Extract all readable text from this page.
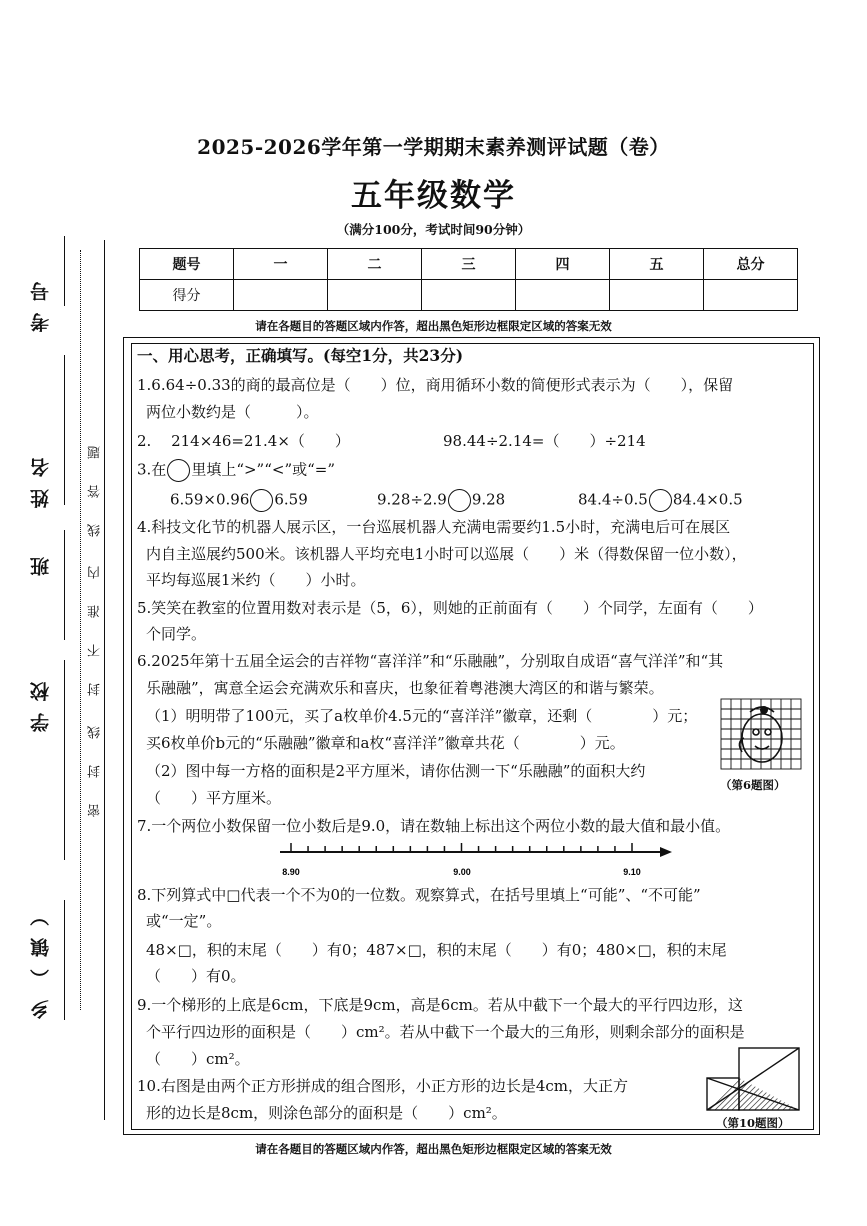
考号
姓名
班
学校
乡（镇）
线答题
封不准内
密封线
2025-2026学年第一学期期末素养测评试题（卷）
五年级数学
（满分100分，考试时间90分钟）
题号	一	二	三	四	五	总分
得分						
请在各题目的答题区域内作答，超出黑色矩形边框限定区域的答案无效
一、用心思考，正确填写。(每空1分，共23分)
1.6.64÷0.33的商的最高位是（　　）位，商用循环小数的简便形式表示为（　　），保留
两位小数约是（　　　）。
2.　 214×46=21.4×（　　）	98.44÷2.14=（　　）÷214
3.在 里填上“>”“<”或“=”
6.59×0.96 6.59	9.28÷2.9 9.28	84.4÷0.5 84.4×0.5
4.科技文化节的机器人展示区，一台巡展机器人充满电需要约1.5小时，充满电后可在展区
内自主巡展约500米。该机器人平均充电1小时可以巡展（　　）米（得数保留一位小数），
平均每巡展1米约（　　）小时。
5.笑笑在教室的位置用数对表示是（5，6），则她的正前面有（　　）个同学，左面有（　　）
个同学。
6.2025年第十五届全运会的吉祥物“喜洋洋”和“乐融融”，分别取自成语“喜气洋洋”和“其
乐融融”，寓意全运会充满欢乐和喜庆，也象征着粤港澳大湾区的和谐与繁荣。
（1）明明带了100元，买了a枚单价4.5元的“喜洋洋”徽章，还剩（　　　　）元；
买6枚单价b元的“乐融融”徽章和a枚“喜洋洋”徽章共花（　　　　）元。
（2）图中每一方格的面积是2平方厘米，请你估测一下“乐融融”的面积大约
（　　）平方厘米。
（第6题图）
7.一个两位小数保留一位小数后是9.0，请在数轴上标出这个两位小数的最大值和最小值。
8.90	9.00	9.10
8.下列算式中□代表一个不为0的一位数。观察算式，在括号里填上“可能”、“不可能”
或“一定”。
48×□，积的末尾（　　）有0；487×□，积的末尾（　　）有0；480×□，积的末尾
（　　）有0。
9.一个梯形的上底是6cm，下底是9cm，高是6cm。若从中截下一个最大的平行四边形，这
个平行四边形的面积是（　　）cm²。若从中截下一个最大的三角形，则剩余部分的面积是
（　　）cm²。
10.右图是由两个正方形拼成的组合图形，小正方形的边长是4cm，大正方
形的边长是8cm，则涂色部分的面积是（　　）cm²。
（第10题图）
请在各题目的答题区域内作答，超出黑色矩形边框限定区域的答案无效
